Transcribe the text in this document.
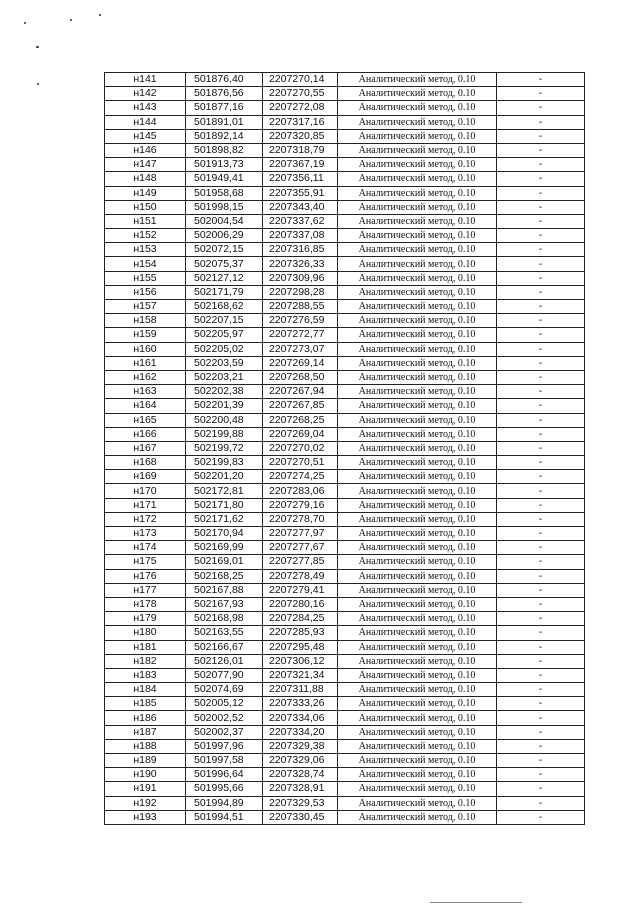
н141	501876,40	2207270,14	Аналитический метод, 0.10	-
н142	501876,56	2207270,55	Аналитический метод, 0.10	-
н143	501877,16	2207272,08	Аналитический метод, 0.10	-
н144	501891,01	2207317,16	Аналитический метод, 0.10	-
н145	501892,14	2207320,85	Аналитический метод, 0.10	-
н146	501898,82	2207318,79	Аналитический метод, 0.10	-
н147	501913,73	2207367,19	Аналитический метод, 0.10	-
н148	501949,41	2207356,11	Аналитический метод, 0.10	-
н149	501958,68	2207355,91	Аналитический метод, 0.10	-
н150	501998,15	2207343,40	Аналитический метод, 0.10	-
н151	502004,54	2207337,62	Аналитический метод, 0.10	-
н152	502006,29	2207337,08	Аналитический метод, 0.10	-
н153	502072,15	2207316,85	Аналитический метод, 0.10	-
н154	502075,37	2207326,33	Аналитический метод, 0.10	-
н155	502127,12	2207309,96	Аналитический метод, 0.10	-
н156	502171,79	2207298,28	Аналитический метод, 0.10	-
н157	502168,62	2207288,55	Аналитический метод, 0.10	-
н158	502207,15	2207276,59	Аналитический метод, 0.10	-
н159	502205,97	2207272,77	Аналитический метод, 0.10	-
н160	502205,02	2207273,07	Аналитический метод, 0.10	-
н161	502203,59	2207269,14	Аналитический метод, 0.10	-
н162	502203,21	2207268,50	Аналитический метод, 0.10	-
н163	502202,38	2207267,94	Аналитический метод, 0.10	-
н164	502201,39	2207267,85	Аналитический метод, 0.10	-
н165	502200,48	2207268,25	Аналитический метод, 0.10	-
н166	502199,88	2207269,04	Аналитический метод, 0.10	-
н167	502199,72	2207270,02	Аналитический метод, 0.10	-
н168	502199,83	2207270,51	Аналитический метод, 0.10	-
н169	502201,20	2207274,25	Аналитический метод, 0.10	-
н170	502172,81	2207283,06	Аналитический метод, 0.10	-
н171	502171,80	2207279,16	Аналитический метод, 0.10	-
н172	502171,62	2207278,70	Аналитический метод, 0.10	-
н173	502170,94	2207277,97	Аналитический метод, 0.10	-
н174	502169,99	2207277,67	Аналитический метод, 0.10	-
н175	502169,01	2207277,85	Аналитический метод, 0.10	-
н176	502168,25	2207278,49	Аналитический метод, 0.10	-
н177	502167,88	2207279,41	Аналитический метод, 0.10	-
н178	502167,93	2207280,16	Аналитический метод, 0.10	-
н179	502168,98	2207284,25	Аналитический метод, 0.10	-
н180	502163,55	2207285,93	Аналитический метод, 0.10	-
н181	502166,67	2207295,48	Аналитический метод, 0.10	-
н182	502126,01	2207306,12	Аналитический метод, 0.10	-
н183	502077,90	2207321,34	Аналитический метод, 0.10	-
н184	502074,69	2207311,88	Аналитический метод, 0.10	-
н185	502005,12	2207333,26	Аналитический метод, 0.10	-
н186	502002,52	2207334,06	Аналитический метод, 0.10	-
н187	502002,37	2207334,20	Аналитический метод, 0.10	-
н188	501997,96	2207329,38	Аналитический метод, 0.10	-
н189	501997,58	2207329,06	Аналитический метод, 0.10	-
н190	501996,64	2207328,74	Аналитический метод, 0.10	-
н191	501995,66	2207328,91	Аналитический метод, 0.10	-
н192	501994,89	2207329,53	Аналитический метод, 0.10	-
н193	501994,51	2207330,45	Аналитический метод, 0.10	-
